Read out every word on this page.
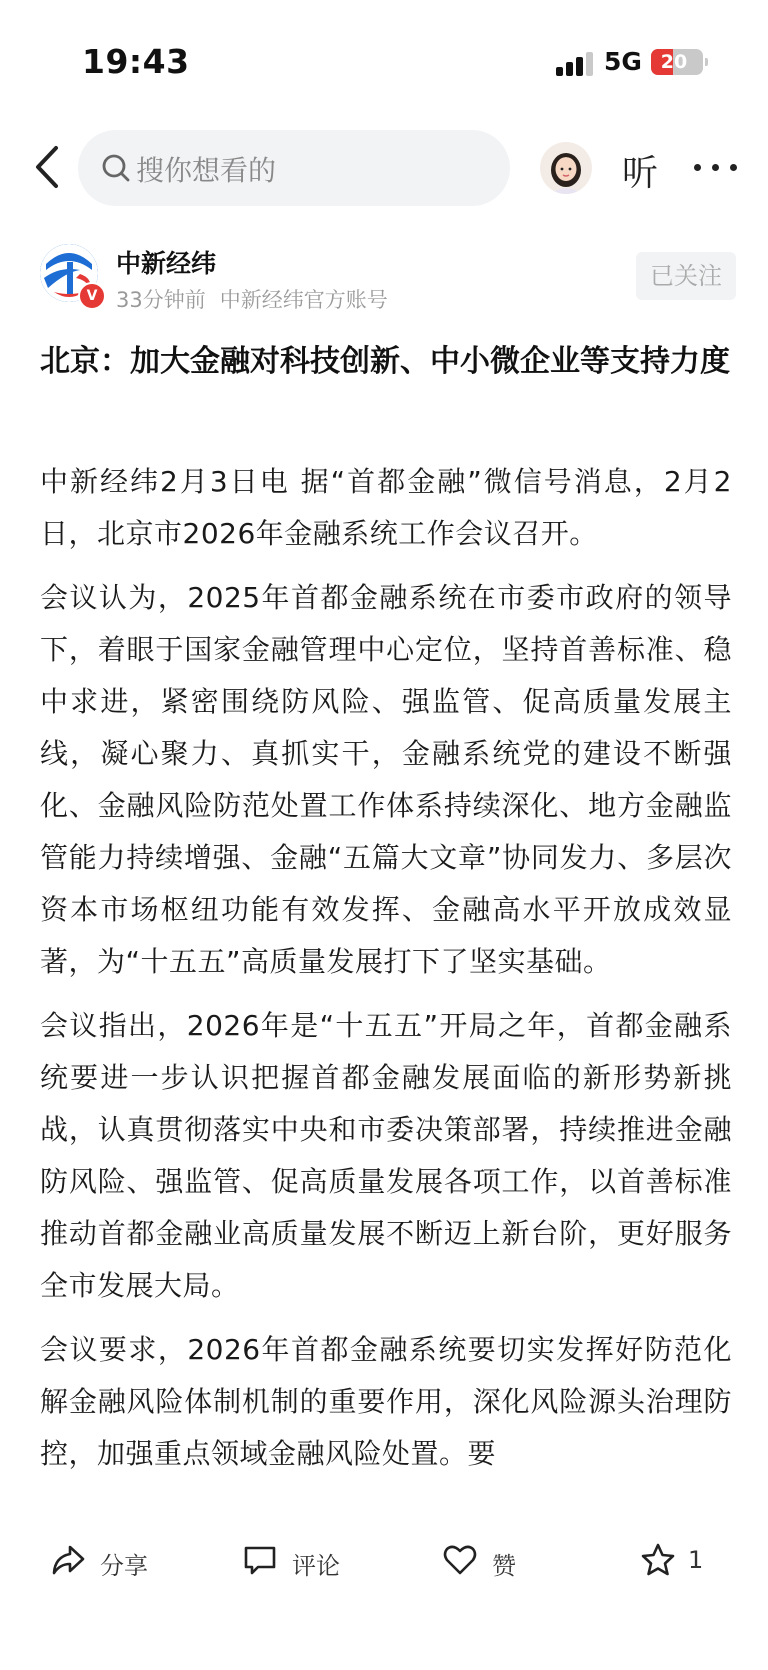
19:43	5G 20
搜你想看的	听
V
中新经纬
33分钟前 中新经纬官方账号
已关注
北京：加大金融对科技创新、中小微企业等支持力度

中新经纬2月3日电 据“首都金融”微信号消息，2月2日，北京市2026年金融系统工作会议召开。

会议认为，2025年首都金融系统在市委市政府的领导下，着眼于国家金融管理中心定位，坚持首善标准、稳中求进，紧密围绕防风险、强监管、促高质量发展主线，凝心聚力、真抓实干，金融系统党的建设不断强化、金融风险防范处置工作体系持续深化、地方金融监管能力持续增强、金融“五篇大文章”协同发力、多层次资本市场枢纽功能有效发挥、金融高水平开放成效显著，为“十五五”高质量发展打下了坚实基础。

会议指出，2026年是“十五五”开局之年，首都金融系统要进一步认识把握首都金融发展面临的新形势新挑战，认真贯彻落实中央和市委决策部署，持续推进金融防风险、强监管、促高质量发展各项工作，以首善标准推动首都金融业高质量发展不断迈上新台阶，更好服务全市发展大局。

会议要求，2026年首都金融系统要切实发挥好防范化解金融风险体制机制的重要作用，深化风险源头治理防控，加强重点领域金融风险处置。要

分享	评论	赞	1
